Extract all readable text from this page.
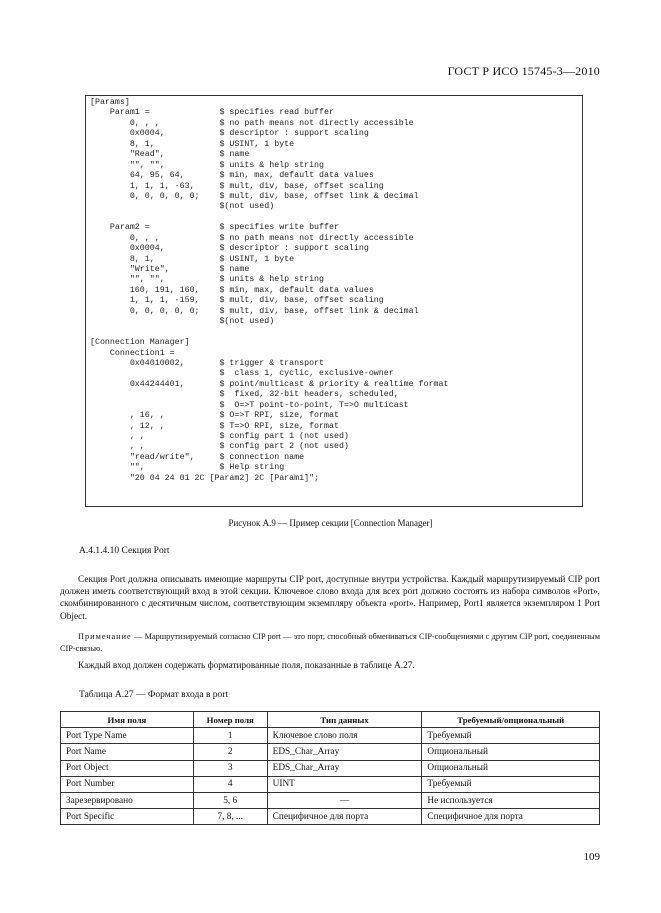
ГОСТ Р ИСО 15745-3—2010
[Params]
Param1 =              $ specifies read buffer
0, , ,            $ no path means not directly accessible
0x0004,           $ descriptor : support scaling
8, 1,             $ USINT, 1 byte
"Read",           $ name
"", "",           $ units & help string
64, 95, 64,       $ min, max, default data values
1, 1, 1, -63,     $ mult, div, base, offset scaling
0, 0, 0, 0, 0;    $ mult, div, base, offset link & decimal
$(not used)
Param2 =              $ specifies write buffer
0, , ,            $ no path means not directly accessible
0x0004,           $ descriptor : support scaling
8, 1,             $ USINT, 1 byte
"Write",          $ name
"", "",           $ units & help string
160, 191, 160,    $ min, max, default data values
1, 1, 1, -159,    $ mult, div, base, offset scaling
0, 0, 0, 0, 0;    $ mult, div, base, offset link & decimal
$(not used)
[Connection Manager]
Connection1 =
0x04010002,       $ trigger & transport
$  class 1, cyclic, exclusive-owner
0x44244401,       $ point/multicast & priority & realtime format
$  fixed, 32-bit headers, scheduled,
$  O=>T point-to-point, T=>O multicast
, 16, ,           $ O=>T RPI, size, format
, 12, ,           $ T=>O RPI, size, format
, ,               $ config part 1 (not used)
, ,               $ config part 2 (not used)
"read/write",     $ connection name
"",               $ Help string
"20 04 24 01 2C [Param2] 2C [Param1]";
Рисунок А.9 — Пример секции [Connection Manager]
А.4.1.4.10 Секция Port

Секция Port должна описывать имеющие маршруты CIP port, доступные внутри устройства. Каждый маршрутизируемый CIP port должен иметь соответствующий вход в этой секции. Ключевое слово входа для всех port должно состоять из набора символов «Port», скомбинированного с десятичным числом, соответствующим экземпляру объекта «port». Например, Port1 является экземпляром 1 Port Object.

Примечание — Маршрутизируемый согласно CIP port — это порт, способный обмениваться CIP-сообщениями с другим CIP port, соединенным CIP-связью.

Каждый вход должен содержать форматированные поля, показанные в таблице А.27.

Таблица А.27 — Формат входа в port
Имя поля	Номер поля	Тип данных	Требуемый/опциональный
Port Type Name	1	Ключевое слово поля	Требуемый
Port Name	2	EDS_Char_Array	Опциональный
Port Object	3	EDS_Char_Array	Опциональный
Port Number	4	UINT	Требуемый
Зарезервировано	5, 6	—	Не используется
Port Specific	7, 8, ...	Специфичное для порта	Специфичное для порта
109
